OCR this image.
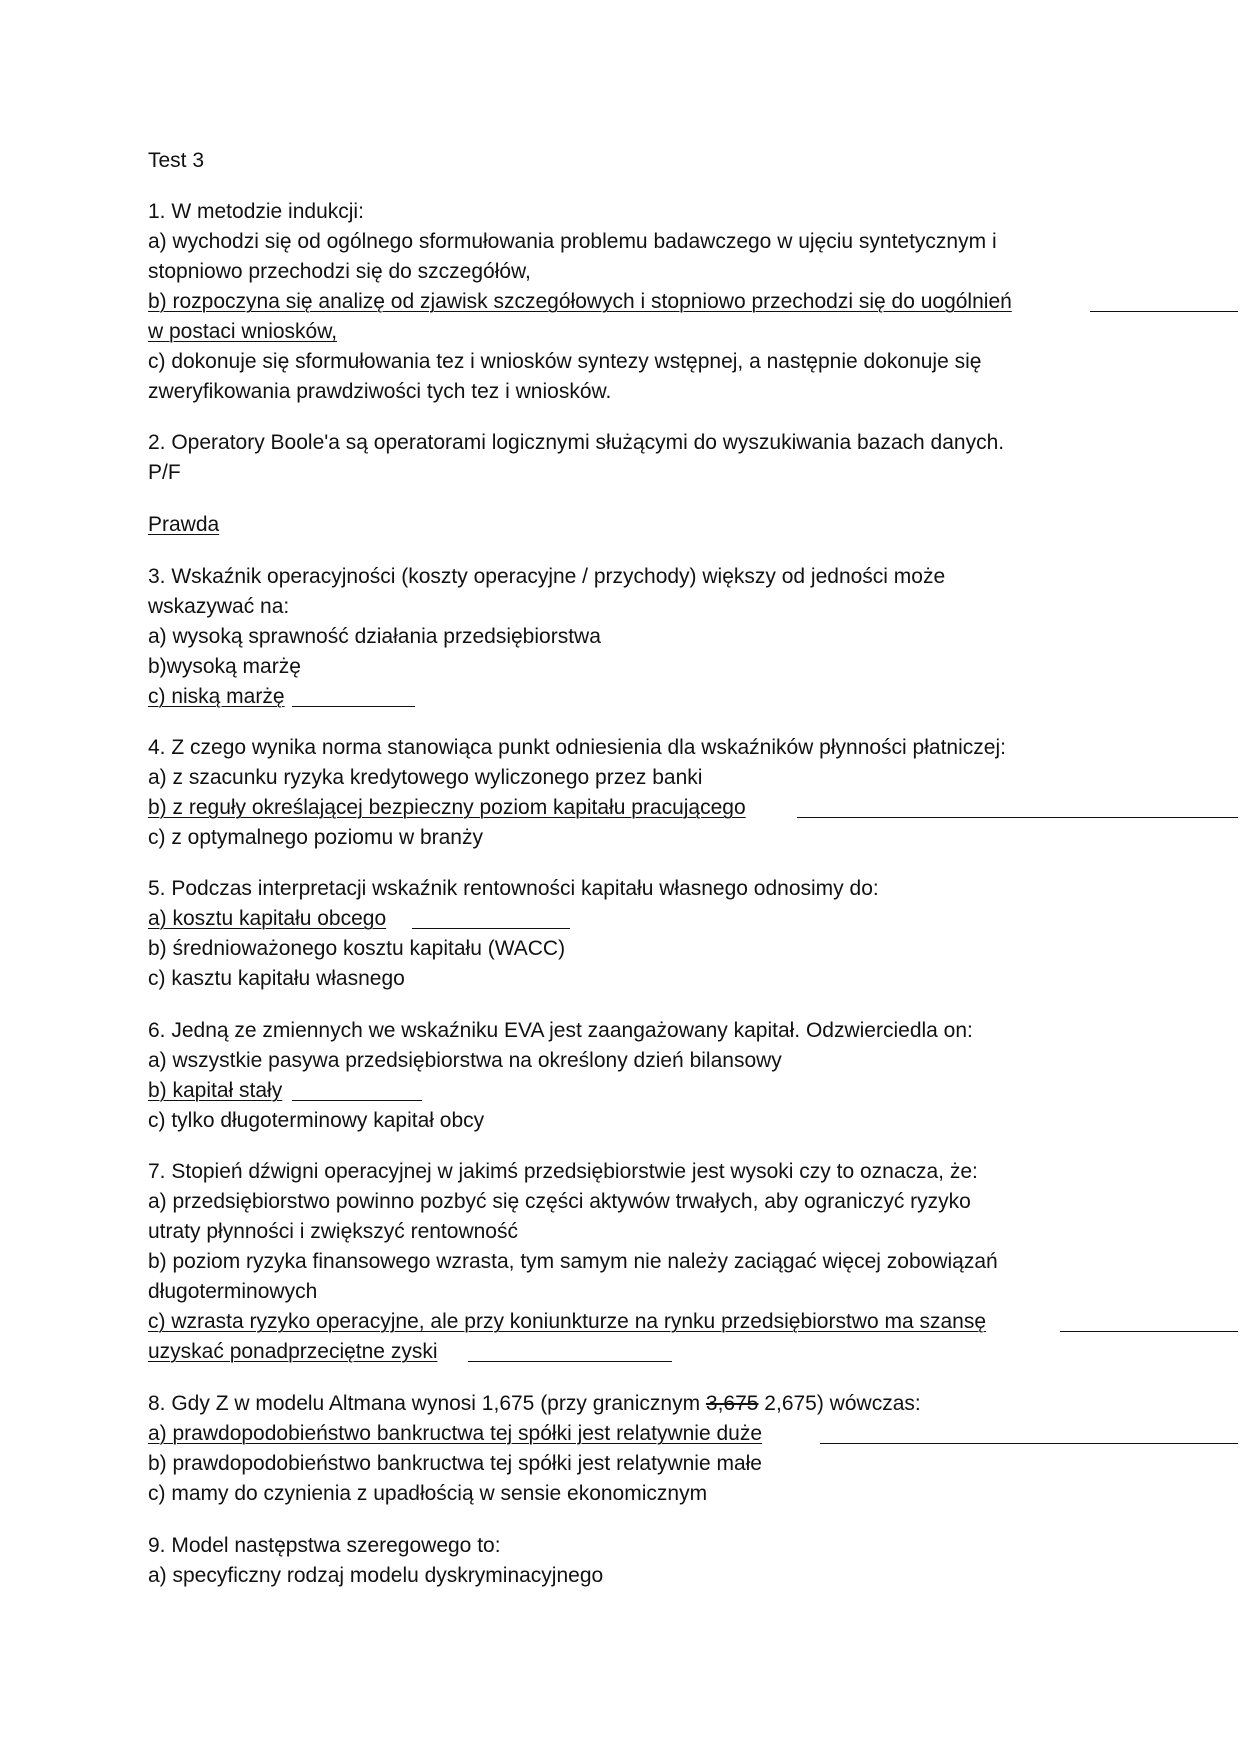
Test 3
1. W metodzie indukcji:
a) wychodzi się od ogólnego sformułowania problemu badawczego w ujęciu syntetycznym i
stopniowo przechodzi się do szczegółów,
b) rozpoczyna się analizę od zjawisk szczegółowych i stopniowo przechodzi się do uogólnień
w postaci wniosków,
c) dokonuje się sformułowania tez i wniosków syntezy wstępnej, a następnie dokonuje się
zweryfikowania prawdziwości tych tez i wniosków.
2. Operatory Boole'a są operatorami logicznymi służącymi do wyszukiwania bazach danych.
P/F
Prawda
3. Wskaźnik operacyjności (koszty operacyjne / przychody) większy od jedności może
wskazywać na:
a) wysoką sprawność działania przedsiębiorstwa
b)wysoką marżę
c) niską marżę
4. Z czego wynika norma stanowiąca punkt odniesienia dla wskaźników płynności płatniczej:
a) z szacunku ryzyka kredytowego wyliczonego przez banki
b) z reguły określającej bezpieczny poziom kapitału pracującego
c) z optymalnego poziomu w branży
5. Podczas interpretacji wskaźnik rentowności kapitału własnego odnosimy do:
a) kosztu kapitału obcego
b) średnioważonego kosztu kapitału (WACC)
c) kasztu kapitału własnego
6. Jedną ze zmiennych we wskaźniku EVA jest zaangażowany kapitał. Odzwierciedla on:
a) wszystkie pasywa przedsiębiorstwa na określony dzień bilansowy
b) kapitał stały
c) tylko długoterminowy kapitał obcy
7. Stopień dźwigni operacyjnej w jakimś przedsiębiorstwie jest wysoki czy to oznacza, że:
a) przedsiębiorstwo powinno pozbyć się części aktywów trwałych, aby ograniczyć ryzyko
utraty płynności i zwiększyć rentowność
b) poziom ryzyka finansowego wzrasta, tym samym nie należy zaciągać więcej zobowiązań
długoterminowych
c) wzrasta ryzyko operacyjne, ale przy koniunkturze na rynku przedsiębiorstwo ma szansę
uzyskać ponadprzeciętne zyski
8. Gdy Z w modelu Altmana wynosi 1,675 (przy granicznym 3,675 2,675) wówczas:
a) prawdopodobieństwo bankructwa tej spółki jest relatywnie duże
b) prawdopodobieństwo bankructwa tej spółki jest relatywnie małe
c) mamy do czynienia z upadłością w sensie ekonomicznym
9. Model następstwa szeregowego to:
a) specyficzny rodzaj modelu dyskryminacyjnego
